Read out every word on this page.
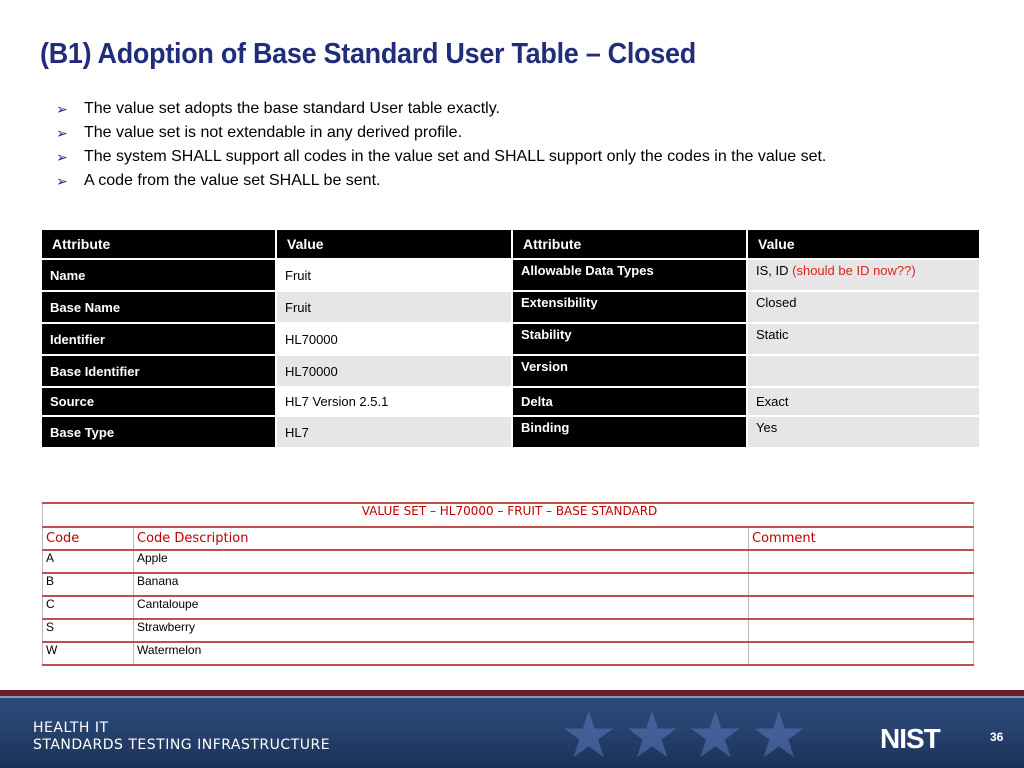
(B1) Adoption of Base Standard User Table – Closed
➢ The value set adopts the base standard User table exactly.
➢ The value set is not extendable in any derived profile.
➢ The system SHALL support all codes in the value set and SHALL support only the codes in the value set.
➢ A code from the value set SHALL be sent.
Attribute	Value	Attribute	Value
Name	Fruit	Allowable Data Types	IS, ID (should be ID now??)
Base Name	Fruit	Extensibility	Closed
Identifier	HL70000	Stability	Static
Base Identifier	HL70000	Version	
Source	HL7 Version 2.5.1	Delta	Exact
Base Type	HL7	Binding	Yes
VALUE SET – HL70000 – FRUIT – BASE STANDARD		
Code	Code Description	Comment
A	Apple	
B	Banana	
C	Cantaloupe	
S	Strawberry	
W	Watermelon	
★★★★
HEALTH IT
STANDARDS TESTING INFRASTRUCTURE	NIST	36
